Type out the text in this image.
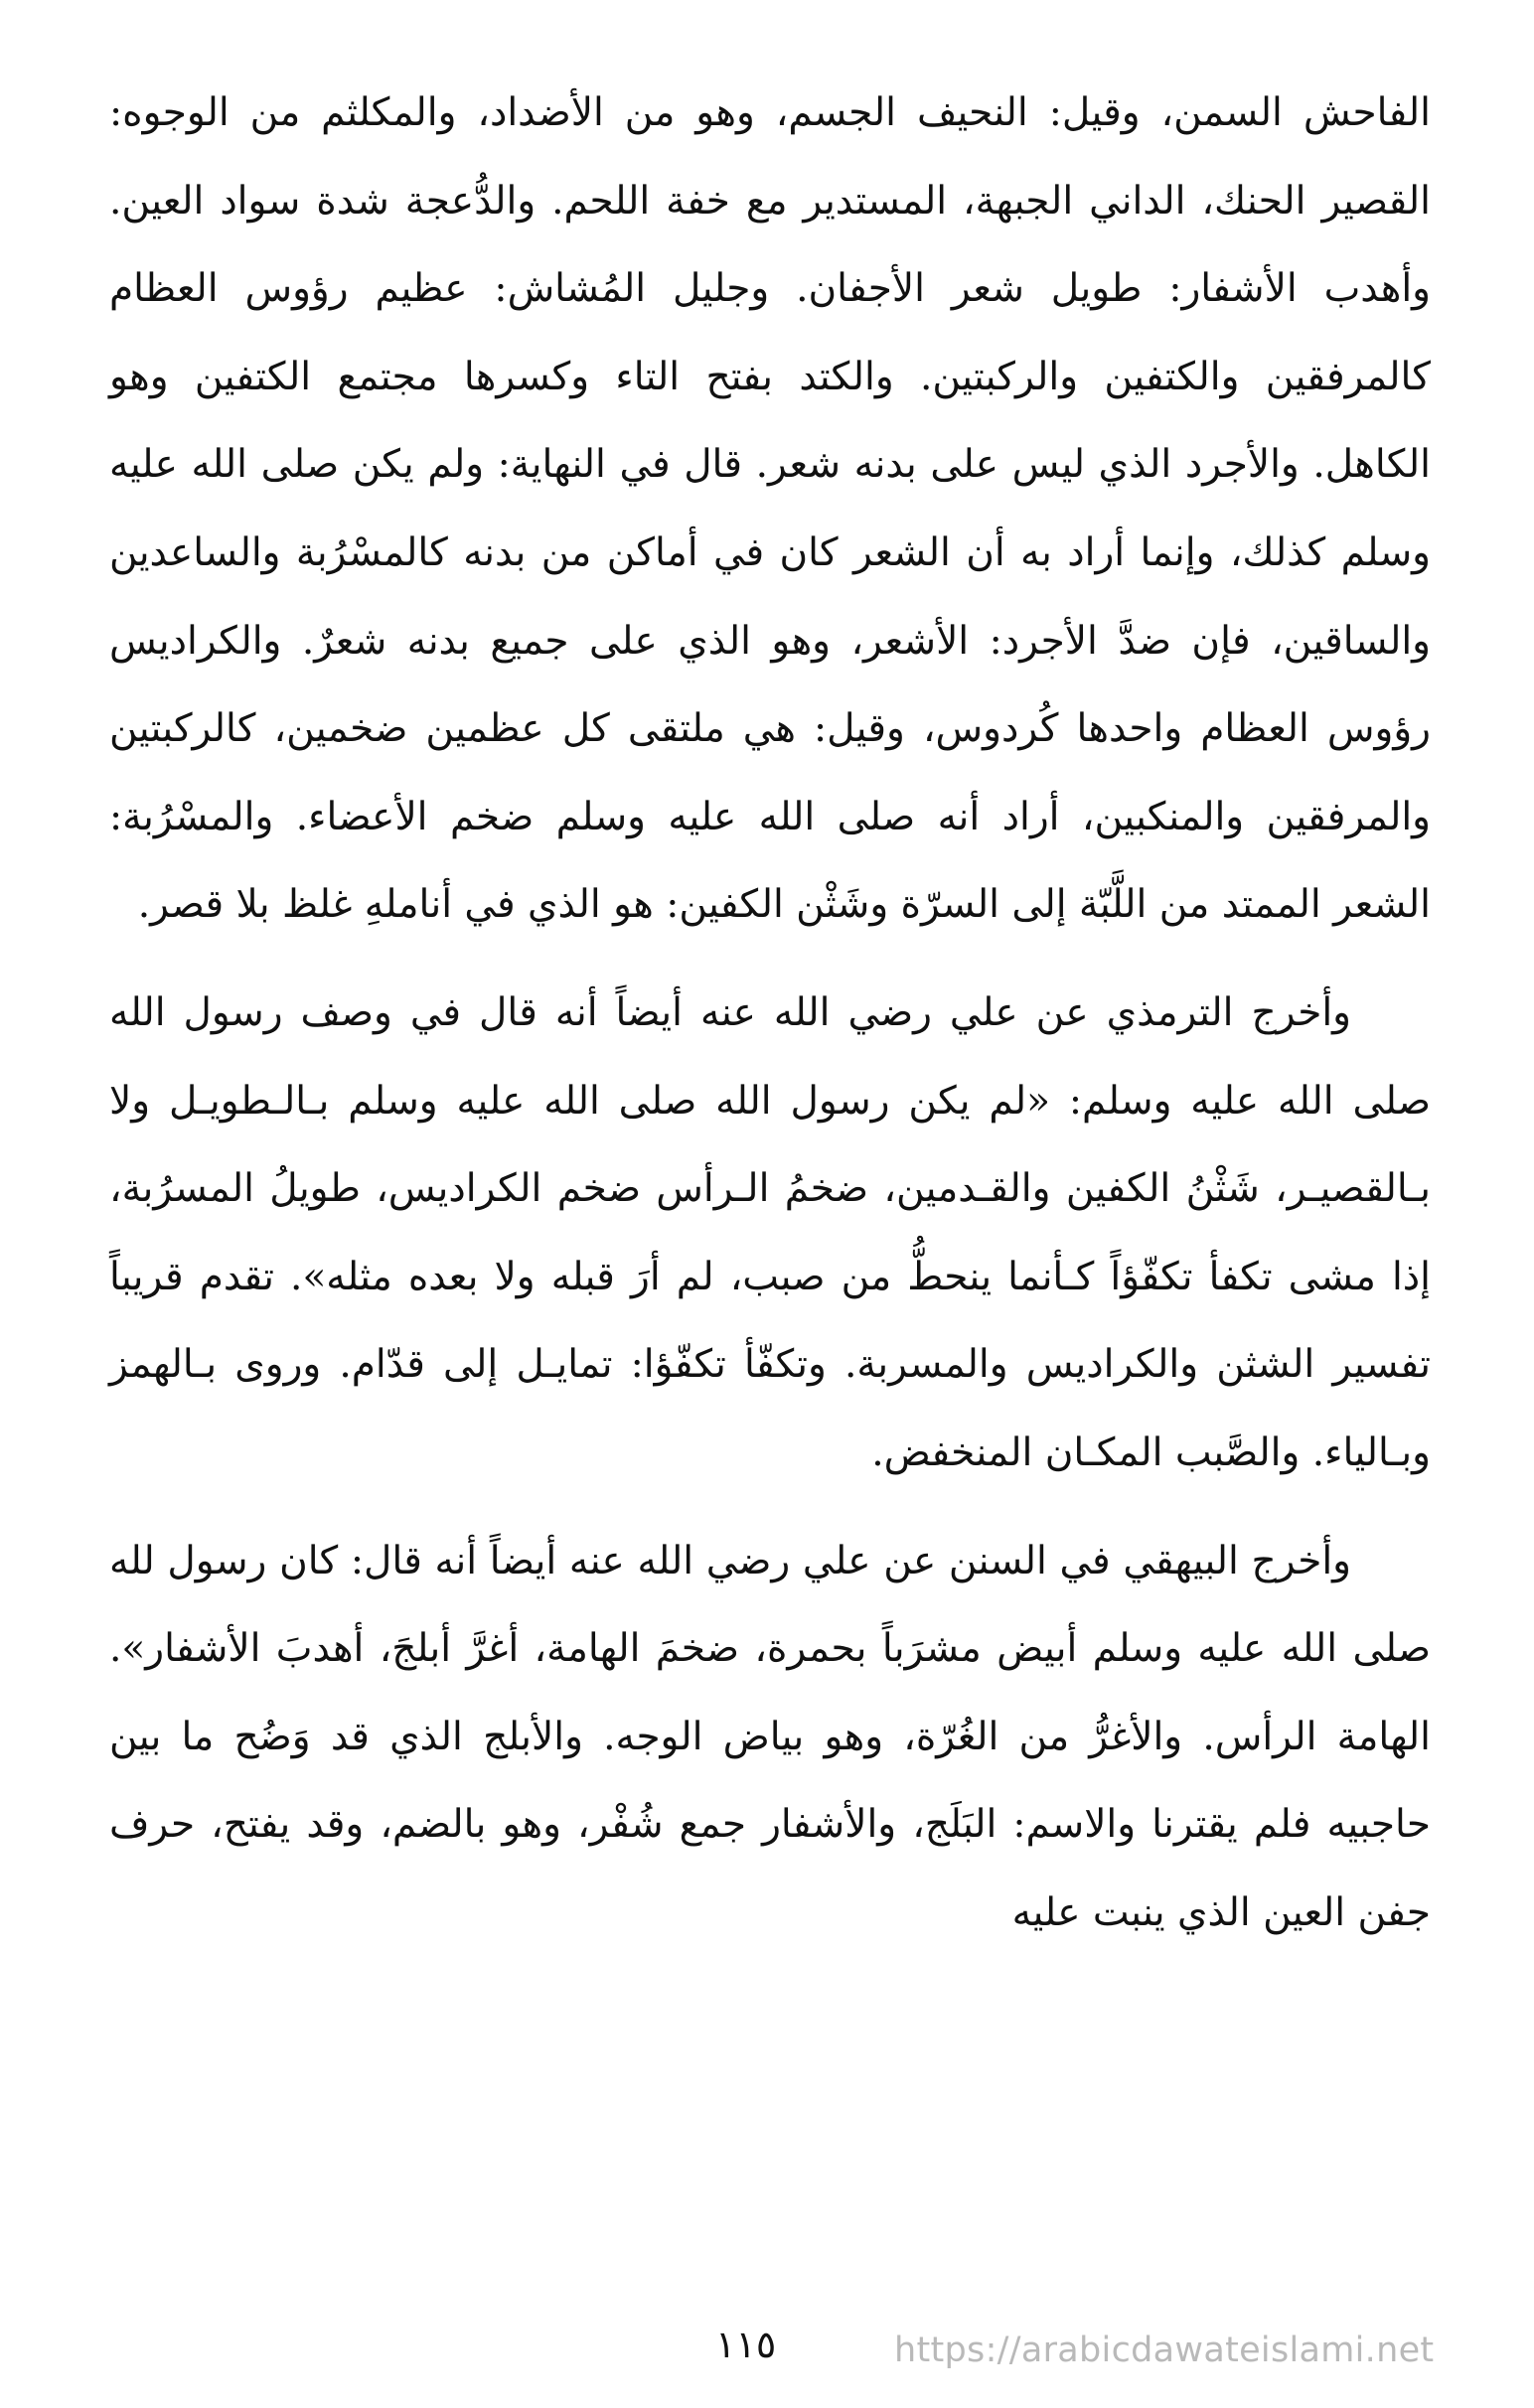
الفاحش السمن، وقيل: النحيف الجسم، وهو من الأضداد، والمكلثم من الوجوه: القصير الحنك، الداني الجبهة، المستدير مع خفة اللحم. والدُّعجة شدة سواد العين. وأهدب الأشفار: طويل شعر الأجفان. وجليل المُشاش: عظيم رؤوس العظام كالمرفقين والكتفين والركبتين. والكتد بفتح التاء وكسرها مجتمع الكتفين وهو الكاهل. والأجرد الذي ليس على بدنه شعر. قال في النهاية: ولم يكن صلى الله عليه وسلم كذلك، وإنما أراد به أن الشعر كان في أماكن من بدنه كالمسْرُبة والساعدين والساقين، فإن ضدَّ الأجرد: الأشعر، وهو الذي على جميع بدنه شعرٌ. والكراديس رؤوس العظام واحدها كُردوس، وقيل: هي ملتقى كل عظمين ضخمين، كالركبتين والمرفقين والمنكبين، أراد أنه صلى الله عليه وسلم ضخم الأعضاء. والمسْرُبة: الشعر الممتد من اللَّبّة إلى السرّة وشَثْن الكفين: هو الذي في أناملهِ غلظ بلا قصر.

وأخرج الترمذي عن علي رضي الله عنه أيضاً أنه قال في وصف رسول الله صلى الله عليه وسلم: «لم يكن رسول الله صلى الله عليه وسلم بـالـطويـل ولا بـالقصيـر، شَثْنُ الكفين والقـدمين، ضخمُ الـرأس ضخم الكراديس، طويلُ المسرُبة، إذا مشى تكفأ تكفّؤاً كـأنما ينحطُّ من صبب، لم أرَ قبله ولا بعده مثله». تقدم قريباً تفسير الشثن والكراديس والمسربة. وتكفّأ تكفّؤا: تمايـل إلى قدّام. وروى بـالهمز وبـالياء. والصَّبب المكـان المنخفض.

وأخرج البيهقي في السنن عن علي رضي الله عنه أيضاً أنه قال: كان رسول لله صلى الله عليه وسلم أبيض مشرَباً بحمرة، ضخمَ الهامة، أغرَّ أبلجَ، أهدبَ الأشفار». الهامة الرأس. والأغرُّ من الغُرّة، وهو بياض الوجه. والأبلج الذي قد وَضُح ما بين حاجبيه فلم يقترنا والاسم: البَلَج، والأشفار جمع شُفْر، وهو بالضم، وقد يفتح، حرف جفن العين الذي ينبت عليه

١١٥	https://arabicdawateislami.net
